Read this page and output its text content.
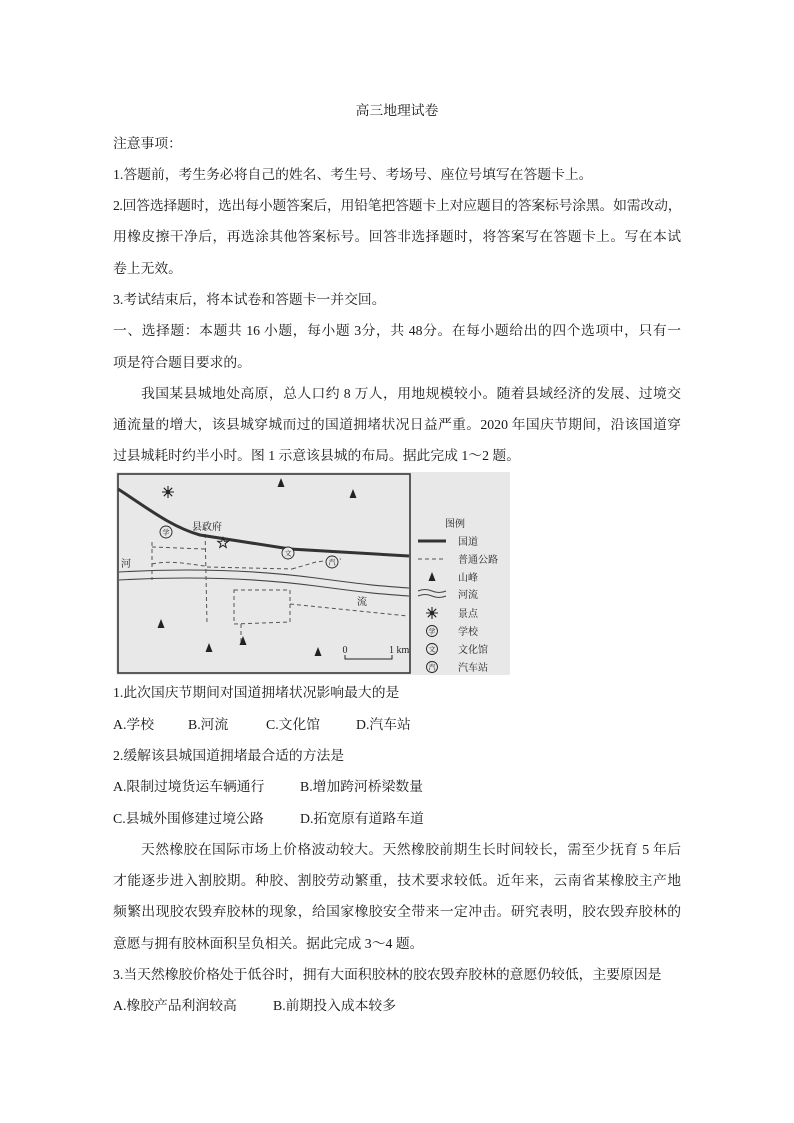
高三地理试卷
注意事项：
1.答题前，考生务必将自己的姓名、考生号、考场号、座位号填写在答题卡上。
2.回答选择题时，选出每小题答案后，用铅笔把答题卡上对应题目的答案标号涂黑。如需改动，
用橡皮擦干净后，再选涂其他答案标号。回答非选择题时，将答案写在答题卡上。写在本试
卷上无效。
3.考试结束后，将本试卷和答题卡一并交回。
一、选择题：本题共 16 小题，每小题 3分，共 48分。在每小题给出的四个选项中，只有一
项是符合题目要求的。
我国某县城地处高原，总人口约 8 万人，用地规模较小。随着县域经济的发展、过境交
通流量的增大，该县城穿城而过的国道拥堵状况日益严重。2020 年国庆节期间，沿该国道穿
过县城耗时约半小时。图 1 示意该县城的布局。据此完成 1～2 题。
学 县政府
文
汽
河
流
0	1 km
图例
国道
普通公路
山峰
河流
景点
学 学校
文 文化馆
汽 汽车站
1.此次国庆节期间对国道拥堵状况影响最大的是
A.学校 B.河流	C.文化馆	D.汽车站
2.缓解该县城国道拥堵最合适的方法是
A.限制过境货运车辆通行	B.增加跨河桥梁数量
C.县城外围修建过境公路	D.拓宽原有道路车道
天然橡胶在国际市场上价格波动较大。天然橡胶前期生长时间较长，需至少抚育 5 年后
才能逐步进入割胶期。种胶、割胶劳动繁重，技术要求较低。近年来，云南省某橡胶主产地
频繁出现胶农毁弃胶林的现象，给国家橡胶安全带来一定冲击。研究表明，胶农毁弃胶林的
意愿与拥有胶林面积呈负相关。据此完成 3～4 题。
3.当天然橡胶价格处于低谷时，拥有大面积胶林的胶农毁弃胶林的意愿仍较低，主要原因是
A.橡胶产品利润较高	B.前期投入成本较多
